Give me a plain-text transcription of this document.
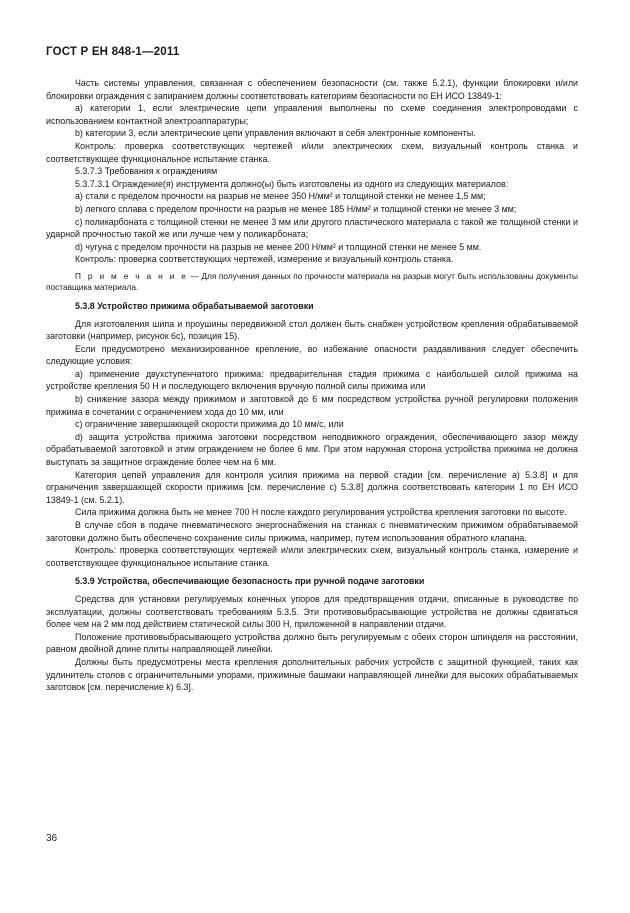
ГОСТ Р ЕН 848-1—2011

Часть системы управления, связанная с обеспечением безопасности (см. также 5.2.1), функции блокировки и/или блокировки ограждения с запиранием должны соответствовать категориям безопасности по ЕН ИСО 13849-1:

a) категории 1, если электрические цепи управления выполнены по схеме соединения электропроводами с использованием контактной электроаппаратуры;

b) категории 3, если электрические цепи управления включают в себя электронные компоненты.

Контроль: проверка соответствующих чертежей и/или электрических схем, визуальный контроль станка и соответствующее функциональное испытание станка.

5.3.7.3 Требования к ограждениям

5.3.7.3.1 Ограждение(я) инструмента должно(ы) быть изготовлены из одного из следующих материалов:

a) стали с пределом прочности на разрыв не менее 350 Н/мм² и толщиной стенки не менее 1,5 мм;

b) легкого сплава с пределом прочности на разрыв не менее 185 Н/мм² и толщиной стенки не менее 3 мм;

c) поликарбоната с толщиной стенки не менее 3 мм или другого пластического материала с такой же толщиной стенки и ударной прочностью такой же или лучше чем у поликарбоната;

d) чугуна с пределом прочности на разрыв не менее 200 Н/мм² и толщиной стенки не менее 5 мм.

Контроль: проверка соответствующих чертежей, измерение и визуальный контроль станка.

П р и м е ч а н и е — Для получения данных по прочности материала на разрыв могут быть использованы документы поставщика материала.

5.3.8 Устройство прижима обрабатываемой заготовки

Для изготовления шипа и проушины передвижной стол должен быть снабжен устройством крепления обрабатываемой заготовки (например, рисунок 6с), позиция 15).

Если предусмотрено механизированное крепление, во избежание опасности раздавливания следует обеспечить следующие условия:

a) применение двухступенчатого прижима: предварительная стадия прижима с наибольшей силой прижима на устройстве крепления 50 Н и последующего включения вручную полной силы прижима или

b) снижение зазора между прижимом и заготовкой до 6 мм посредством устройства ручной регулировки положения прижима в сочетании с ограничением хода до 10 мм, или

c) ограничение завершающей скорости прижима до 10 мм/с, или

d) защита устройства прижима заготовки посредством неподвижного ограждения, обеспечивающего зазор между обрабатываемой заготовкой и этим ограждением не более 6 мм. При этом наружная сторона устройства прижима не должна выступать за защитное ограждение более чем на 6 мм.

Категория цепей управления для контроля усилия прижима на первой стадии [см. перечисление а) 5.3.8] и для ограничения завершающей скорости прижима [см. перечисление с) 5.3.8] должна соответствовать категории 1 по ЕН ИСО 13849-1 (см. 5.2.1).

Сила прижима должна быть не менее 700 Н после каждого регулирования устройства крепления заготовки по высоте.

В случае сбоя в подаче пневматического энергоснабжения на станках с пневматическим прижимом обрабатываемой заготовки должно быть обеспечено сохранение силы прижима, например, путем использования обратного клапана.

Контроль: проверка соответствующих чертежей и/или электрических схем, визуальный контроль станка, измерение и соответствующее функциональное испытание станка.

5.3.9 Устройства, обеспечивающие безопасность при ручной подаче заготовки

Средства для установки регулируемых конечных упоров для предотвращения отдачи, описанные в руководстве по эксплуатации, должны соответствовать требованиям 5.3.5. Эти противовыбрасывающие устройства не должны сдвигаться более чем на 2 мм под действием статической силы 300 Н, приложенной в направлении отдачи.

Положение противовыбрасывающего устройства должно быть регулируемым с обеих сторон шпинделя на расстоянии, равном двойной длине плиты направляющей линейки.

Должны быть предусмотрены места крепления дополнительных рабочих устройств с защитной функцией, таких как удлинитель столов с ограничительными упорами, прижимные башмаки направляющей линейки для высоких обрабатываемых заготовок [см. перечисление k) 6.3].

36
